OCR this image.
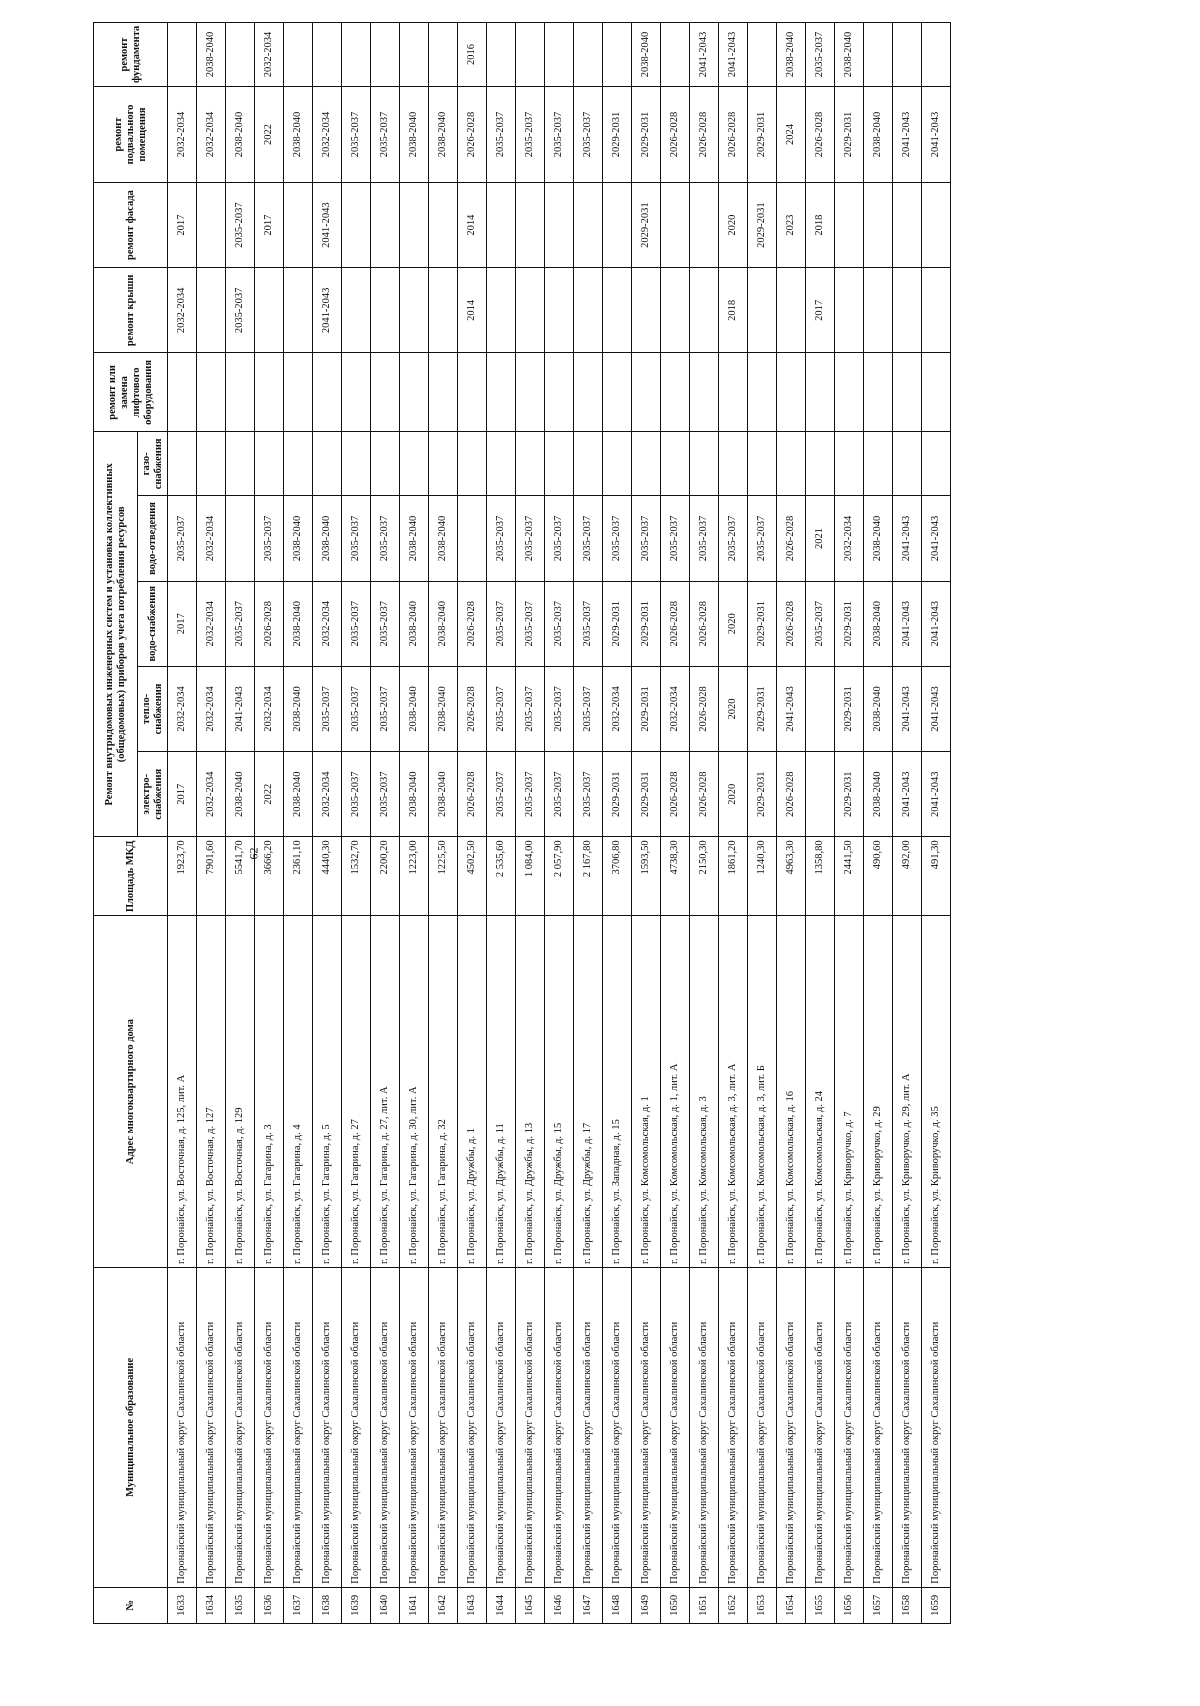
62
№	Муниципальное образование	Адрес многоквартирного дома	Площадь МКД	Ремонт внутридомовых инженерных систем и установка коллективных (общедомовых) приборов учета потребления ресурсов					ремонт или замена лифтового оборудования	ремонт крыши	ремонт фасада	ремонт подвального помещения	ремонт фундамента
				электро-снабжения	тепло-снабжения	водо-снабжения	водо-отведения	газо-снабжения					
1633	Поронайский муниципальный округ Сахалинской области	г. Поронайск, ул. Восточная, д. 125, лит. А	1923,70	2017	2032-2034	2017	2035-2037			2032-2034	2017	2032-2034	
1634	Поронайский муниципальный округ Сахалинской области	г. Поронайск, ул. Восточная, д. 127	7901,60	2032-2034	2032-2034	2032-2034	2032-2034					2032-2034	2038-2040
1635	Поронайский муниципальный округ Сахалинской области	г. Поронайск, ул. Восточная, д. 129	5541,70	2038-2040	2041-2043	2035-2037				2035-2037	2035-2037	2038-2040	
1636	Поронайский муниципальный округ Сахалинской области	г. Поронайск, ул. Гагарина, д. 3	3666,20	2022	2032-2034	2026-2028	2035-2037				2017	2022	2032-2034
1637	Поронайский муниципальный округ Сахалинской области	г. Поронайск, ул. Гагарина, д. 4	2361,10	2038-2040	2038-2040	2038-2040	2038-2040					2038-2040	
1638	Поронайский муниципальный округ Сахалинской области	г. Поронайск, ул. Гагарина, д. 5	4440,30	2032-2034	2035-2037	2032-2034	2038-2040			2041-2043	2041-2043	2032-2034	
1639	Поронайский муниципальный округ Сахалинской области	г. Поронайск, ул. Гагарина, д. 27	1532,70	2035-2037	2035-2037	2035-2037	2035-2037					2035-2037	
1640	Поронайский муниципальный округ Сахалинской области	г. Поронайск, ул. Гагарина, д. 27, лит. А	2200,20	2035-2037	2035-2037	2035-2037	2035-2037					2035-2037	
1641	Поронайский муниципальный округ Сахалинской области	г. Поронайск, ул. Гагарина, д. 30, лит. А	1223,00	2038-2040	2038-2040	2038-2040	2038-2040					2038-2040	
1642	Поронайский муниципальный округ Сахалинской области	г. Поронайск, ул. Гагарина, д. 32	1225,50	2038-2040	2038-2040	2038-2040	2038-2040					2038-2040	
1643	Поронайский муниципальный округ Сахалинской области	г. Поронайск, ул. Дружбы, д. 1	4502,50	2026-2028	2026-2028	2026-2028				2014	2014	2026-2028	2016
1644	Поронайский муниципальный округ Сахалинской области	г. Поронайск, ул. Дружбы, д. 11	2 535,60	2035-2037	2035-2037	2035-2037	2035-2037					2035-2037	
1645	Поронайский муниципальный округ Сахалинской области	г. Поронайск, ул. Дружбы, д. 13	1 084,00	2035-2037	2035-2037	2035-2037	2035-2037					2035-2037	
1646	Поронайский муниципальный округ Сахалинской области	г. Поронайск, ул. Дружбы, д. 15	2 057,90	2035-2037	2035-2037	2035-2037	2035-2037					2035-2037	
1647	Поронайский муниципальный округ Сахалинской области	г. Поронайск, ул. Дружбы, д. 17	2 167,80	2035-2037	2035-2037	2035-2037	2035-2037					2035-2037	
1648	Поронайский муниципальный округ Сахалинской области	г. Поронайск, ул. Западная, д. 15	3706,80	2029-2031	2032-2034	2029-2031	2035-2037					2029-2031	
1649	Поронайский муниципальный округ Сахалинской области	г. Поронайск, ул. Комсомольская, д. 1	1593,50	2029-2031	2029-2031	2029-2031	2035-2037				2029-2031	2029-2031	2038-2040
1650	Поронайский муниципальный округ Сахалинской области	г. Поронайск, ул. Комсомольская, д. 1, лит. А	4738,30	2026-2028	2032-2034	2026-2028	2035-2037					2026-2028	
1651	Поронайский муниципальный округ Сахалинской области	г. Поронайск, ул. Комсомольская, д. 3	2150,30	2026-2028	2026-2028	2026-2028	2035-2037					2026-2028	2041-2043
1652	Поронайский муниципальный округ Сахалинской области	г. Поронайск, ул. Комсомольская, д. 3, лит. А	1861,20	2020	2020	2020	2035-2037			2018	2020	2026-2028	2041-2043
1653	Поронайский муниципальный округ Сахалинской области	г. Поронайск, ул. Комсомольская, д. 3, лит. Б	1240,30	2029-2031	2029-2031	2029-2031	2035-2037				2029-2031	2029-2031	
1654	Поронайский муниципальный округ Сахалинской области	г. Поронайск, ул. Комсомольская, д. 16	4963,30	2026-2028	2041-2043	2026-2028	2026-2028				2023	2024	2038-2040
1655	Поронайский муниципальный округ Сахалинской области	г. Поронайск, ул. Комсомольская, д. 24	1358,80			2035-2037	2021			2017	2018	2026-2028	2035-2037
1656	Поронайский муниципальный округ Сахалинской области	г. Поронайск, ул. Криворучко, д. 7	2441,50	2029-2031	2029-2031	2029-2031	2032-2034					2029-2031	2038-2040
1657	Поронайский муниципальный округ Сахалинской области	г. Поронайск, ул. Криворучко, д. 29	490,60	2038-2040	2038-2040	2038-2040	2038-2040					2038-2040	
1658	Поронайский муниципальный округ Сахалинской области	г. Поронайск, ул. Криворучко, д. 29, лит. А	492,00	2041-2043	2041-2043	2041-2043	2041-2043					2041-2043	
1659	Поронайский муниципальный округ Сахалинской области	г. Поронайск, ул. Криворучко, д. 35	491,30	2041-2043	2041-2043	2041-2043	2041-2043					2041-2043	
